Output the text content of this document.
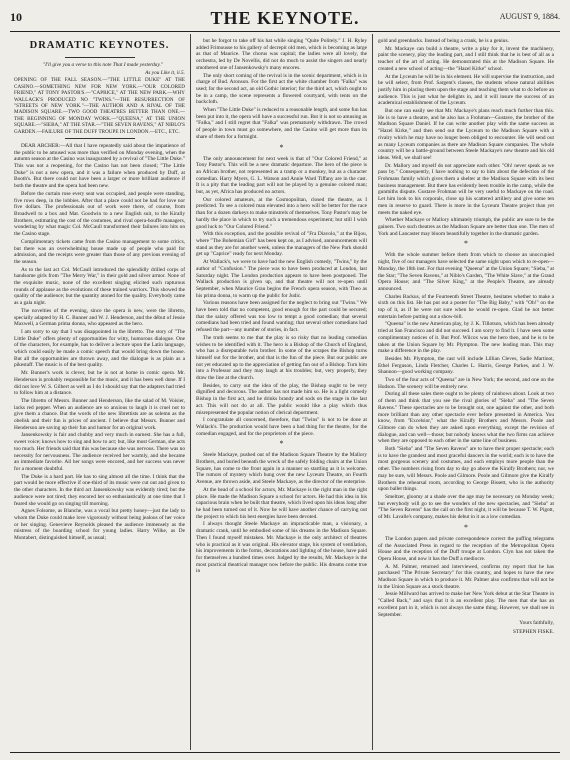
10	THE KEYNOTE.	AUGUST 9, 1884.
DRAMATIC KEYNOTES.

"I'll give you a verse to this note That I made yesterday."

As you Like it, ii.5.

OPENING OF THE FALL SEASON.—"THE LITTLE DUKE" AT THE CASINO.—SOMETHING NEW FOR NEW YORK.—"OUR COLORED FRIEND," AT TONY PASTOR'S.—"CAPRICE," AT THE NEW PARK.—WHY WALLACK'S PRODUCED NO "TWINS."—THE RESURRECTION OF "STREETS OF NEW YORK."—THE AUTHOR AND A RIVAL OF THE MADISON SQUARE.—TWO GOOD THEATRES BETTER THAN ONE.—THE BEGINNING OF MONDAY WORK.—"QUEENA," AT THE UNION SQUARE.—"SIEBA," AT THE STAR.—"THE SEVEN RAVENS," AT NIBLO'S GARDEN.—FAILURE OF THE DUFF TROUPE IN LONDON.—ETC., ETC.

DEAR ARCHER:—All that I have repeatedly said about the impatience of the public to be amused was more than verified on Monday evening, when the autumn season at the Casino was inaugurated by a revival of "The Little Duke." This was not a reopening, for the Casino has not been closed; "The Little Duke" is not a new opera, and it was a failure when produced by Duff, at Booth's. But there could not have been a larger or more brilliant audience if both the theatre and the opera had been new.

Before the curtain rose every seat was occupied, and people were standing, five rows deep, in the lobbies. After that a place could not be had for love nor five dollars. The professionals out of work were there, of course, from Broadwell to a box and Mat. Goodwin to a new English suit, to the Kirally Brothers, estimating the cost of the costumes, and rival opera-bouffe managers, wondering by what magic Col. McCaull transformed their failures into hits on the Casino stage.

Complimentary tickets came from the Casino management to some critics, but there was an overwhelming house made up of people who paid for admission, and the receipts were greater than those of any previous evening of the season.

As to the last act Col. McCaull introduced the splendidly drilled corps of handsome girls from "The Merry War," in their gold and silver armor. None of the exquisite music, none of the excellent singing elicited such rapturous rounds of applause as the evolutions of these trained warriors. This showed the quality of the audience; but the quantity atoned for the quality. Everybody came as a gala night.

The novelties of the evening, since the opera is new, were the libretto, specially adapted by H. C. Bunner and W. J. Henderson, and the début of Jessie Maxwell, a German prima donna, who appeared as the hero.

I am sorry to say that I was disappointed in the libretto. The story of "The Little Duke" offers plenty of opportunities for witty, humorous dialogue. One of the characters, for example, has to deliver a lecture upon the Latin language, which could easily be made a comic speech that would bring down the house. But all the opportunities are thrown away, and the dialogue is as plain as a pikestaff. The music is of the best quality.

Mr. Bunner's work is clever, but he is not at home in comic opera. Mr. Henderson is probably responsible for the music, and it has been well done. If I did not love W. S. Gilbert as well as I do I should say that the adapters had tried to follow him at a distance.

The libretto of Messrs. Bunner and Henderson, like the salad of M. Voisier, lacks red pepper. When an audience are so anxious to laugh it is cruel not to give them a chance. But the words of the new librettists are as solemn as the obelisk and their fun is prices of ancient. I believe that Messrs. Bunner and Henderson are saving up their fun and humor for an original work.

Jansenkowsky is fair and chubby and very much in earnest. She has a full, sweet voice; knows how to sing and how to act; but, like most German, she acts too much. Her friends said that this was because she was nervous. There was no necessity for nervousness. The audience received her warmly, and she became an immediate favorite. All her songs were encored, and her success was never for a moment doubtful.

The Duke is a hard part. He has to sing almost all the time. I think that the part would be more effective if one-third of its music were cut out and given to the other characters. In the third act Jansenkowsky was evidently tired; but the audience were not tired; they encored her so enthusiastically at one time that I feared she would go on singing till morning.

Agnes Folsome, as Blanche, was a vocal but pretty honey—just the lady to whom the Duke could make love vigorously without being jealous of her voice or her singing. Genevieve Reynolds pleased the audience immensely as the mistress of the boarding school for young ladies. Harry Wilke, as De Montabert, distinguished himself, as usual;

but he forgot to take off his hat while singing "Quite Politely." J. H. Ryley added Frimousse to his gallery of decrepit old men, which is becoming as large as that of Maurice. The chorus was capital; the ladies were all lovely, the orchestra, led by De Novellis, did not do much to assist the singers and nearly smothered one of Jansenkowsky's many encores.

The only short coming of the revival is in the scenic department, which is in charge of Bud. Aronson. For the first act the white chamber from "Falka" was used; for the second act, an old Gothic interior; for the third act, which ought to be in a camp, the scene represents a flowered courtyard, with tents on the backcloth.

When "The Little Duke" is reduced to a reasonable length, and some fun has been put into it, the opera will have a successful run. But it is not so amusing as "Falka," and I still regret that "Falka" was prematurely withdrawn. The crowd of people in town must go somewhere, and the Casino will get more than its share of them for a fortnight.

*

The only announcement for next week is that of "Our Colored Friend," at Tony Pastor's. This will be a new dramatic departure. The hero of the piece is an African brother, not represented as a tramp or a monkey, but as a character comedian. Harry Myers, G. L. Watson and Annie Ward Tiffany are in the cast. It is a pity that the leading part will not be played by a genuine colored man; but, as yet, Africa has produced no actors.

Our colored amateurs, at the Cosmopolitan, closed the theatre, as I predicted. To see a colored man elevated into a hero will be better for the race than for a dozen darkeys to make minstrels of themselves. Tony Pastor's may be hardly the place in which to try such a tremendous experiment; but still I wish good luck to "Our Colored Friend."

With this exception, and the possible revival of "Fra Diavolo," at the Bijou, where "The Bohemian Girl" has been kept on, as I advised, announcements will stand as they are for another week, unless the managers of the New Park should get up "Caprice" ready for next Monday.

At Wallack's, we were to have had the new English comedy, "Twins," by the author of "Confusion." The piece was to have been produced at London, last Saturday night. The London production appears to have been postponed. The Wallack production is given up, and that theatre will not re-open until September, when Maurice Grau begins the French opera season, with Theo as his prima donna, to warm up the public for Judic.

Various reasons have been assigned for the neglect to bring out "Twins." We have been told that no competent, good enough for the part could be secured; that the salary offered was too low to tempt a good comedian; that several comedians had been tried and found wanting; that several other comedians had refused the part—any number of stories, in fact.

The truth seems to me that the play is so risky that no leading comedian wishes to be identified with it. The hero is a Bishop of the Church of England, who has a disreputable twin brother. In some of the scrapes the Bishop turns himself out for the brother, and that is the fun of the piece. But our public are not yet educated up to the appreciation of getting fun out of a Bishop. Turn him into a Professor and they may laugh at his troubles; but, very properly, they draw the line at the church.

Besides, to carry out the idea of the play, the Bishop ought to be very dignified and decorous. The author has not made him so. He is a light comedy Bishop in the first act, and he drinks brandy and sods on the stage in the last act. This will not do at all. The public would like a play which thus misrepresented the popular notion of clerical deportment.

I congratulate all concerned, therefore, that "Twins" is not to be done at Wallack's. The production would have been a bad thing for the theatre, for the comedian engaged, and for the proprietors of the piece.

*

Steele Mackaye, pushed out of the Madison Square Theatre by the Mallory Brothers, and buried beneath the wreck of the safely folding chairs at the Union Square, has come to the front again in a manner so startling as it is welcome. The rumors of mystery which hung over the new Lyceum Theatre, on Fourth Avenue, are thrown aside, and Steele Mackaye, as the director of the enterprise.

At the head of a school for actors, Mr. Mackaye is the right man in the right place. He made the Madison Square a school for actors. He had this idea in his capacious brain when he built that theatre, which lived upon his ideas long after he had been turned out of it. Now he will have another chance of carrying out the project to which his best energies have been devoted.

I always thought Steele Mackaye an impracticable man, a visionary, a dramatic crank, until he embodied some of his dreams in the Madison Square. Then I found myself mistaken. Mr. Mackaye is the only architect of theatres who is practical as it was original. His elevator stage, his system of ventilation, his improvements in the forms, decorations and lighting of the house, have paid for themselves a hundred times over. Judged by the results, Mr. Mackaye is the most practical theatrical manager now before the public. His dreams come true in

gold and greenbacks. Instead of being a crank, he is a genius.

Mr. Mackaye can build a theatre, write a play for it, invent the machinery, paint the scenery, play the leading part, and I still think that he is best of all as a teacher of the art of acting. He demonstrated this at the Madison Square. He created a new school of acting—the "Hazel Kirke" school.

At the Lyceum he will be in his element. He will supervise the instruction, and he will select, from Prof. Sargent's classes, the students whose natural abilities justify him in placing them upon the stage and teaching them what to do before an audience. This is just what he delights in, and it will insure the success of an academical establishment of the Lyceum.

But one can easily see that Mr. Mackaye's plans reach much further than this. He is to have a theatre, and he also has a Frohman—Gustave, the brother of the Madison Square Daniel. If he can write another play with the same success as "Hazel Kirke," and then send out the Lyceum to the Madison Square with a rivalry which he may have no longer been obliged to encounter. He will send out as many Lyceum companies as there are Madison Square companies. The whole country will be a battle-ground between Steele Mackaye's new theatre and his old ideas. Well, we shall see!

Dr. Mallory and myself do not appreciate each other. "Oh! never speak as we pass by." Consequently, I have nothing to say to him about the defection of the Frohmans family which gives them a shelter at the Madison Square with its best business management. But there has evidently been trouble in the camp, while the gunmiths dispute. Gustave Frohman will be very useful to Mackaye on the road. Let him look to his corporals, close up his scattered artillery and give some ten men in reserve to guard. There is more in the Lyceum Theatre project than yet meets the naked eye.

Whether Mackaye or Mallory ultimately triumph, the public are sure to be the gainers. Two such theatres as the Madison Square are better than one. The men of York and Lancaster may bloom beautifully together in the dramatic garden.

*

With the whole summer before them from which to choose an unoccupied night, five of our managers have selected the same night upon which to re-open—Monday, the 18th inst. For that evening "Queena" at the Union Square; "Sieba," at the Star; "The Seven Ravens," at Niblo's Garden, "The White Slave," at the Grand Opera House; and "The Silver King," at the People's Theatre, are already announced.

Charles Backus, of the Fourteenth Street Theatre, hesitates whether to make a sixth on this list. He has put out a poster for "The Big Baby," with "Oh!" on the top of it, as if he were not sure when he would re-open. Glad he not better entertain before putting out a show-bill.

"Queena" is the new American play, by J. K. Tillotson, which has been already tried at San Francisco and did not succeed. I am sorry to find it. I have seen some complimentary notices of it. But Prof. Wilcox was the hero then, and he is to be taken at the Union Square by Mr. Plympton. The new leading man. This may make a difference in the play.

Besides Mr. Plympton, the cast will include Lillian Cleves, Sadie Martinot, Ethel Ferguson, Linda Fletcher, Charles L. Harris, George Parkes, and J. W. Shannon—good working company.

Two of the four acts of "Queena" are in New York; the second, and one on the Hudson. The scenery will be entirely new.

During all these sales there ought to be plenty of rainbows about. Look at two of them and think that you see the rival glories of "Sieba" and "The Seven Ravens." These spectacles are to be brought out, one against the other, and both more brilliant than any other spectacle ever before presented in America. You know, from "Excelsior," what the Kiralfy Brothers and Messrs. Poole and Gilmore can do when they are asked upon everything, except the revision of dialogue, and can well—those; but nobody knows what the two firms can achieve when they are opposed to each other in the same line of business.

Both "Sieba" and "The Seven Ravens" are to have their proper spectacle; each is to have the grandest and most graceful dancers in the world; each is to have the most gorgeous scenery and costumes, and each employs more people than the other. The numbers rising from day to day go above the Kiralfy Brothers; nor, we may be sure, will Messrs. Poole and Gilmore. Poole and Gilmore give the Kiralfy Brothers the rehearsal room, according to George Bissett, who is the authority upon ballet things.

Smeltzer, gloomy at a shade over the age may be necessary on Monday week; but everybody will go to see the wonders of the new spectacles, and "Sieba" at "The Seven Ravens" has the call on the first night, it will be because T. W. Pigott, of Mr. Lavalle's company, makes his debut in it as a low comedian.

*

The London papers and private correspondence correct the puffing telegrams of the Associated Press in regard to the reception of the Metropolitan Opera House and the reception of the Duff troupe at London. Clyn has not taken the Opera House, and now it has the Duff a mediocre.

A. M. Palmer, returned and interviewed, confirms my report that he has purchased "The Private Secretary" for this country, and hopes to have the new Madison Square in which to produce it. Mr. Palmer also confirms that will not be in the Union Square as a stock theatre.

Jessie Millward has arrived to make her New York debut at the Star Theatre in "Called Back," and says that it is an excellent play. The men that she has an excellent part in it, which is not always the same thing. However, we shall see in September.

Yours faithfully,

STEPHEN FISKE.
